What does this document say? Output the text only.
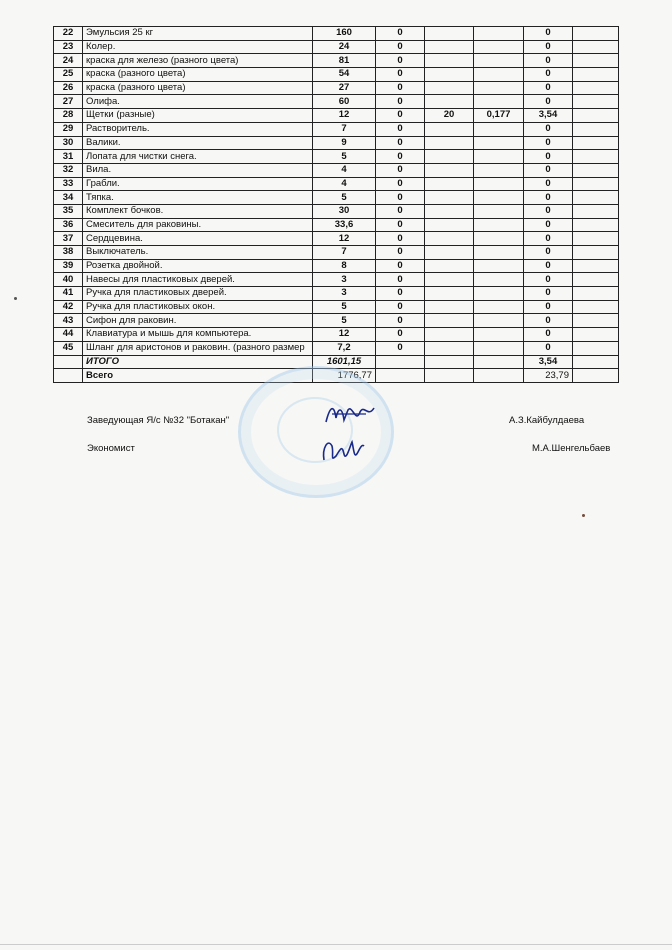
22	Эмульсия 25 кг	160	0			0	
23	Колер.	24	0			0	
24	краска для железо (разного цвета)	81	0			0	
25	краска (разного цвета)	54	0			0	
26	краска (разного цвета)	27	0			0	
27	Олифа.	60	0			0	
28	Щетки (разные)	12	0	20	0,177	3,54	
29	Растворитель.	7	0			0	
30	Валики.	9	0			0	
31	Лопата для чистки снега.	5	0			0	
32	Вила.	4	0			0	
33	Грабли.	4	0			0	
34	Тяпка.	5	0			0	
35	Комплект бочков.	30	0			0	
36	Смеситель для раковины.	33,6	0			0	
37	Сердцевина.	12	0			0	
38	Выключатель.	7	0			0	
39	Розетка двойной.	8	0			0	
40	Навесы для пластиковых дверей.	3	0			0	
41	Ручка для пластиковых дверей.	3	0			0	
42	Ручка для пластиковых окон.	5	0			0	
43	Сифон для раковин.	5	0			0	
44	Клавиатура и мышь для компьютера.	12	0			0	
45	Шланг для аристонов и раковин. (разного размер	7,2	0			0	
	ИТОГО	1601,15				3,54	
	Всего	1776,77				23,79	
Заведующая Я/с №32 "Ботакан"	А.З.Кайбулдаева
Экономист	М.А.Шенгельбаев
